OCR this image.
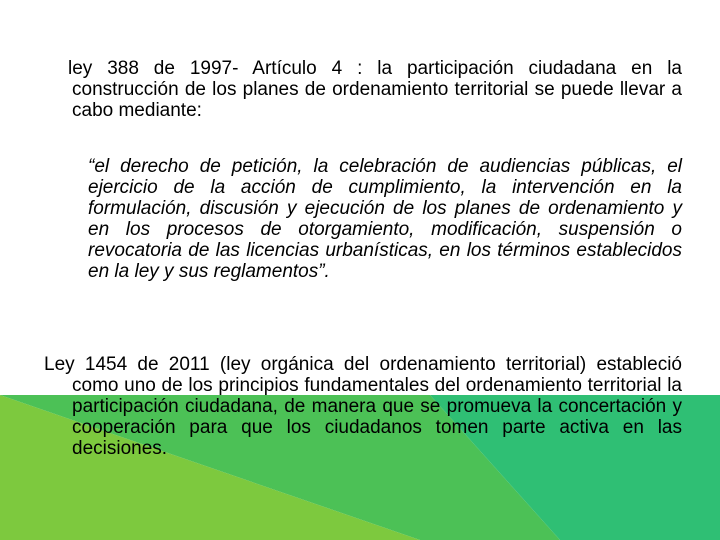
ley 388 de 1997- Artículo 4 : la participación ciudadana en la construcción de los planes de ordenamiento territorial se puede llevar a cabo mediante:

“el derecho de petición, la celebración de audiencias públicas, el ejercicio de la acción de cumplimiento, la intervención en la formulación, discusión y ejecución de los planes de ordenamiento y en los procesos de otorgamiento, modificación, suspensión o revocatoria de las licencias urbanísticas, en los términos establecidos en la ley y sus reglamentos”.

Ley 1454 de 2011 (ley orgánica del ordenamiento territorial) estableció como uno de los principios fundamentales del ordenamiento territorial la participación ciudadana, de manera que se promueva la concertación y cooperación para que los ciudadanos tomen parte activa en las decisiones.
